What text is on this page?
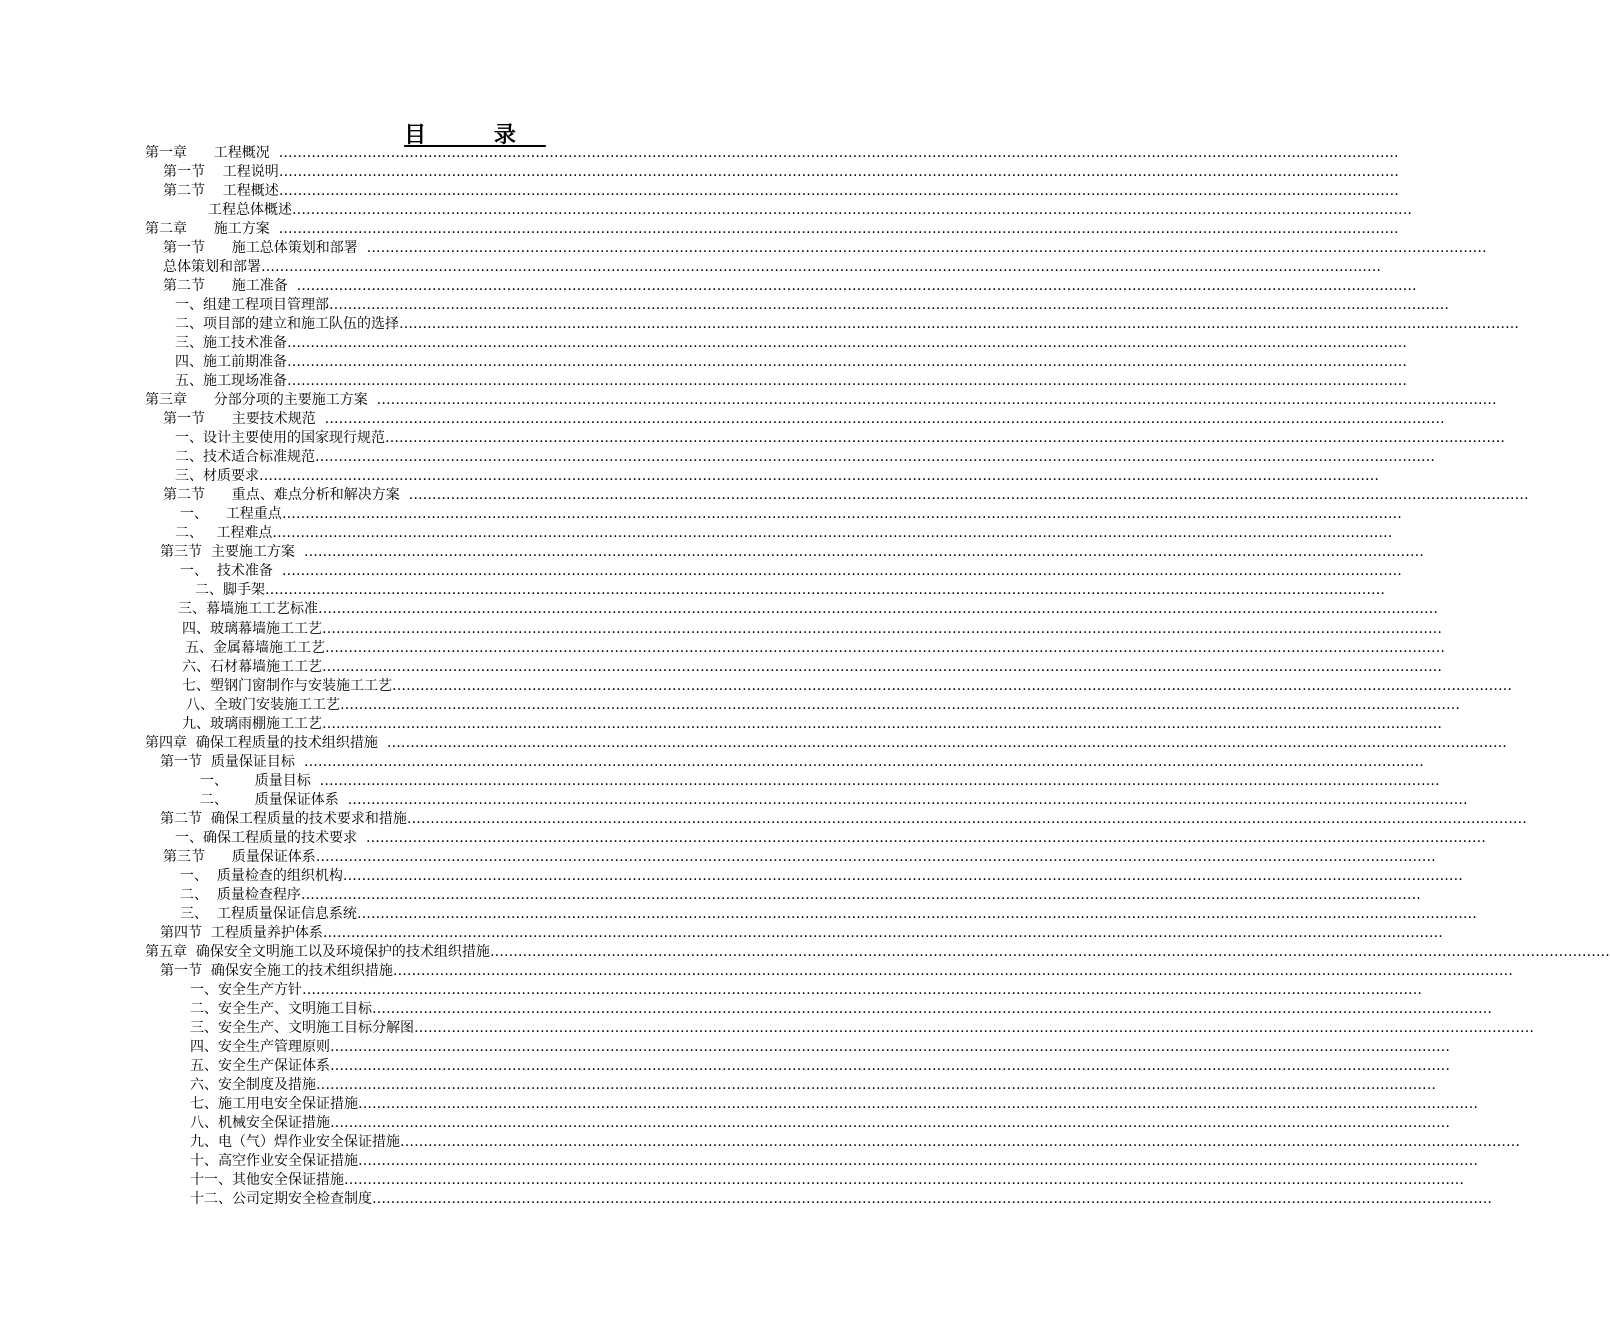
目 录
第一章      工程概况  ……………………………………………………………………………………………………………………………………………………………………………………………………………………
第一节    工程说明……………………………………………………………………………………………………………………………………………………………………………………………………………………
第二节    工程概述……………………………………………………………………………………………………………………………………………………………………………………………………………………
工程总体概述……………………………………………………………………………………………………………………………………………………………………………………………………………………
第二章      施工方案  ……………………………………………………………………………………………………………………………………………………………………………………………………………………
第一节      施工总体策划和部署  ……………………………………………………………………………………………………………………………………………………………………………………………………………………
总体策划和部署……………………………………………………………………………………………………………………………………………………………………………………………………………………
第二节      施工准备  ……………………………………………………………………………………………………………………………………………………………………………………………………………………
一、组建工程项目管理部……………………………………………………………………………………………………………………………………………………………………………………………………………………
二、项目部的建立和施工队伍的选择……………………………………………………………………………………………………………………………………………………………………………………………………………………
三、施工技术准备……………………………………………………………………………………………………………………………………………………………………………………………………………………
四、施工前期准备……………………………………………………………………………………………………………………………………………………………………………………………………………………
五、施工现场准备……………………………………………………………………………………………………………………………………………………………………………………………………………………
第三章      分部分项的主要施工方案  ……………………………………………………………………………………………………………………………………………………………………………………………………………………
第一节      主要技术规范  ……………………………………………………………………………………………………………………………………………………………………………………………………………………
一、设计主要使用的国家现行规范……………………………………………………………………………………………………………………………………………………………………………………………………………………
二、技术适合标准规范……………………………………………………………………………………………………………………………………………………………………………………………………………………
三、材质要求……………………………………………………………………………………………………………………………………………………………………………………………………………………
第二节      重点、难点分析和解决方案  ……………………………………………………………………………………………………………………………………………………………………………………………………………………
一、    工程重点……………………………………………………………………………………………………………………………………………………………………………………………………………………
二、   工程难点……………………………………………………………………………………………………………………………………………………………………………………………………………………
第三节  主要施工方案  ……………………………………………………………………………………………………………………………………………………………………………………………………………………
一、  技术准备  ……………………………………………………………………………………………………………………………………………………………………………………………………………………
二、脚手架……………………………………………………………………………………………………………………………………………………………………………………………………………………
三、幕墙施工工艺标准……………………………………………………………………………………………………………………………………………………………………………………………………………………
四、玻璃幕墙施工工艺……………………………………………………………………………………………………………………………………………………………………………………………………………………
五、金属幕墙施工工艺……………………………………………………………………………………………………………………………………………………………………………………………………………………
六、石材幕墙施工工艺……………………………………………………………………………………………………………………………………………………………………………………………………………………
七、塑钢门窗制作与安装施工工艺……………………………………………………………………………………………………………………………………………………………………………………………………………………
八、全玻门安装施工工艺……………………………………………………………………………………………………………………………………………………………………………………………………………………
九、玻璃雨棚施工工艺……………………………………………………………………………………………………………………………………………………………………………………………………………………
第四章  确保工程质量的技术组织措施  ……………………………………………………………………………………………………………………………………………………………………………………………………………………
第一节  质量保证目标  ……………………………………………………………………………………………………………………………………………………………………………………………………………………
一、      质量目标  ……………………………………………………………………………………………………………………………………………………………………………………………………………………
二、      质量保证体系  ……………………………………………………………………………………………………………………………………………………………………………………………………………………
第二节  确保工程质量的技术要求和措施……………………………………………………………………………………………………………………………………………………………………………………………………………………
一、确保工程质量的技术要求  ……………………………………………………………………………………………………………………………………………………………………………………………………………………
第三节      质量保证体系……………………………………………………………………………………………………………………………………………………………………………………………………………………
一、  质量检查的组织机构……………………………………………………………………………………………………………………………………………………………………………………………………………………
二、  质量检查程序……………………………………………………………………………………………………………………………………………………………………………………………………………………
三、  工程质量保证信息系统……………………………………………………………………………………………………………………………………………………………………………………………………………………
第四节  工程质量养护体系……………………………………………………………………………………………………………………………………………………………………………………………………………………
第五章  确保安全文明施工以及环境保护的技术组织措施……………………………………………………………………………………………………………………………………………………………………………………………………………………
第一节  确保安全施工的技术组织措施……………………………………………………………………………………………………………………………………………………………………………………………………………………
一、安全生产方针……………………………………………………………………………………………………………………………………………………………………………………………………………………
二、安全生产、文明施工目标……………………………………………………………………………………………………………………………………………………………………………………………………………………
三、安全生产、文明施工目标分解图……………………………………………………………………………………………………………………………………………………………………………………………………………………
四、安全生产管理原则……………………………………………………………………………………………………………………………………………………………………………………………………………………
五、安全生产保证体系……………………………………………………………………………………………………………………………………………………………………………………………………………………
六、安全制度及措施……………………………………………………………………………………………………………………………………………………………………………………………………………………
七、施工用电安全保证措施……………………………………………………………………………………………………………………………………………………………………………………………………………………
八、机械安全保证措施……………………………………………………………………………………………………………………………………………………………………………………………………………………
九、电（气）焊作业安全保证措施……………………………………………………………………………………………………………………………………………………………………………………………………………………
十、高空作业安全保证措施……………………………………………………………………………………………………………………………………………………………………………………………………………………
十一、其他安全保证措施……………………………………………………………………………………………………………………………………………………………………………………………………………………
十二、公司定期安全检查制度……………………………………………………………………………………………………………………………………………………………………………………………………………………
